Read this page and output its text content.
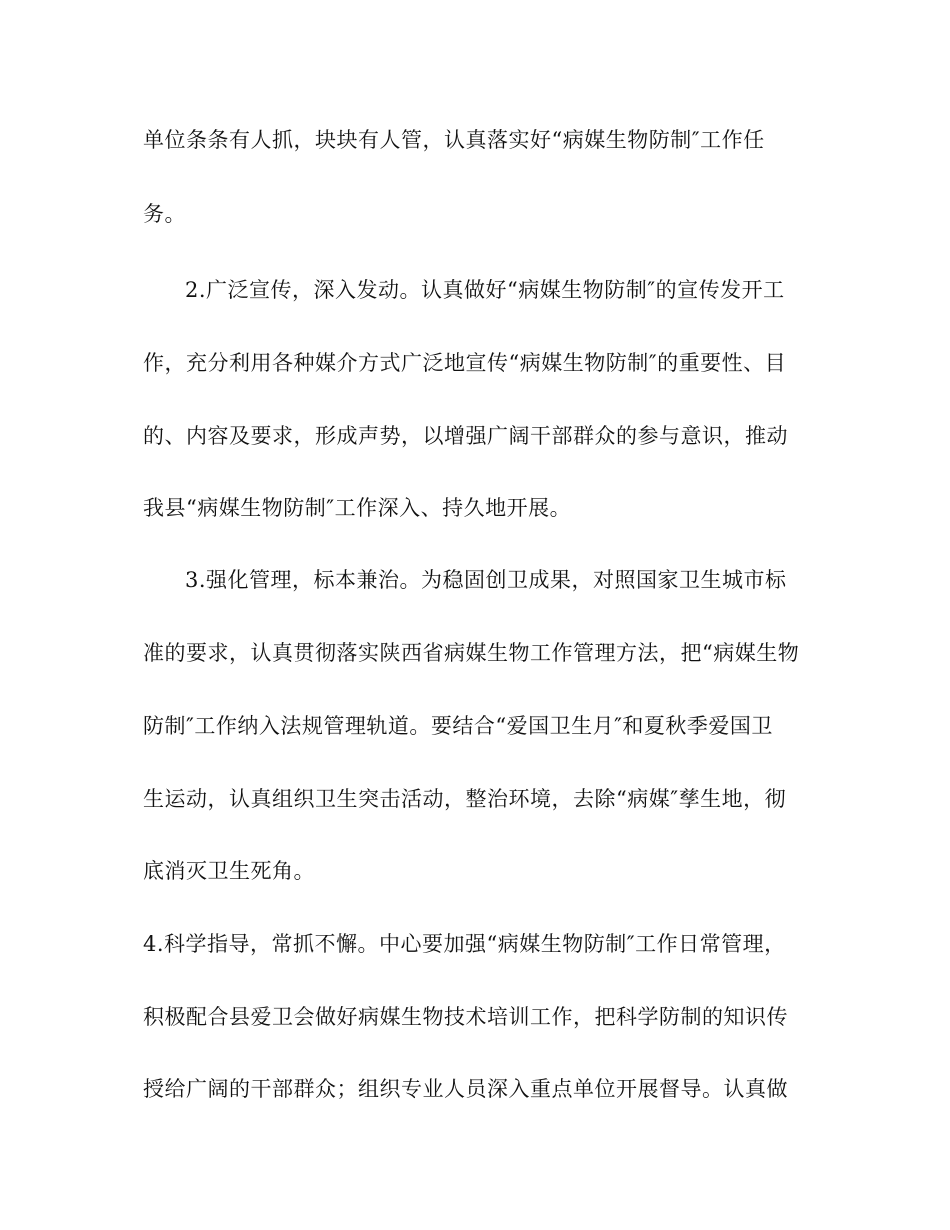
单位条条有人抓，块块有人管，认真落实好“病媒生物防制″工作任
务。
2.广泛宣传，深入发动。认真做好“病媒生物防制″的宣传发开工
作，充分利用各种媒介方式广泛地宣传“病媒生物防制″的重要性、目
的、内容及要求，形成声势，以增强广阔干部群众的参与意识，推动
我县“病媒生物防制″工作深入、持久地开展。
3.强化管理，标本兼治。为稳固创卫成果，对照国家卫生城市标
准的要求，认真贯彻落实陕西省病媒生物工作管理方法，把“病媒生物
防制″工作纳入法规管理轨道。要结合“爱国卫生月″和夏秋季爱国卫
生运动，认真组织卫生突击活动，整治环境，去除“病媒″孳生地，彻
底消灭卫生死角。
4.科学指导，常抓不懈。中心要加强“病媒生物防制″工作日常管理，
积极配合县爱卫会做好病媒生物技术培训工作，把科学防制的知识传
授给广阔的干部群众；组织专业人员深入重点单位开展督导。认真做
